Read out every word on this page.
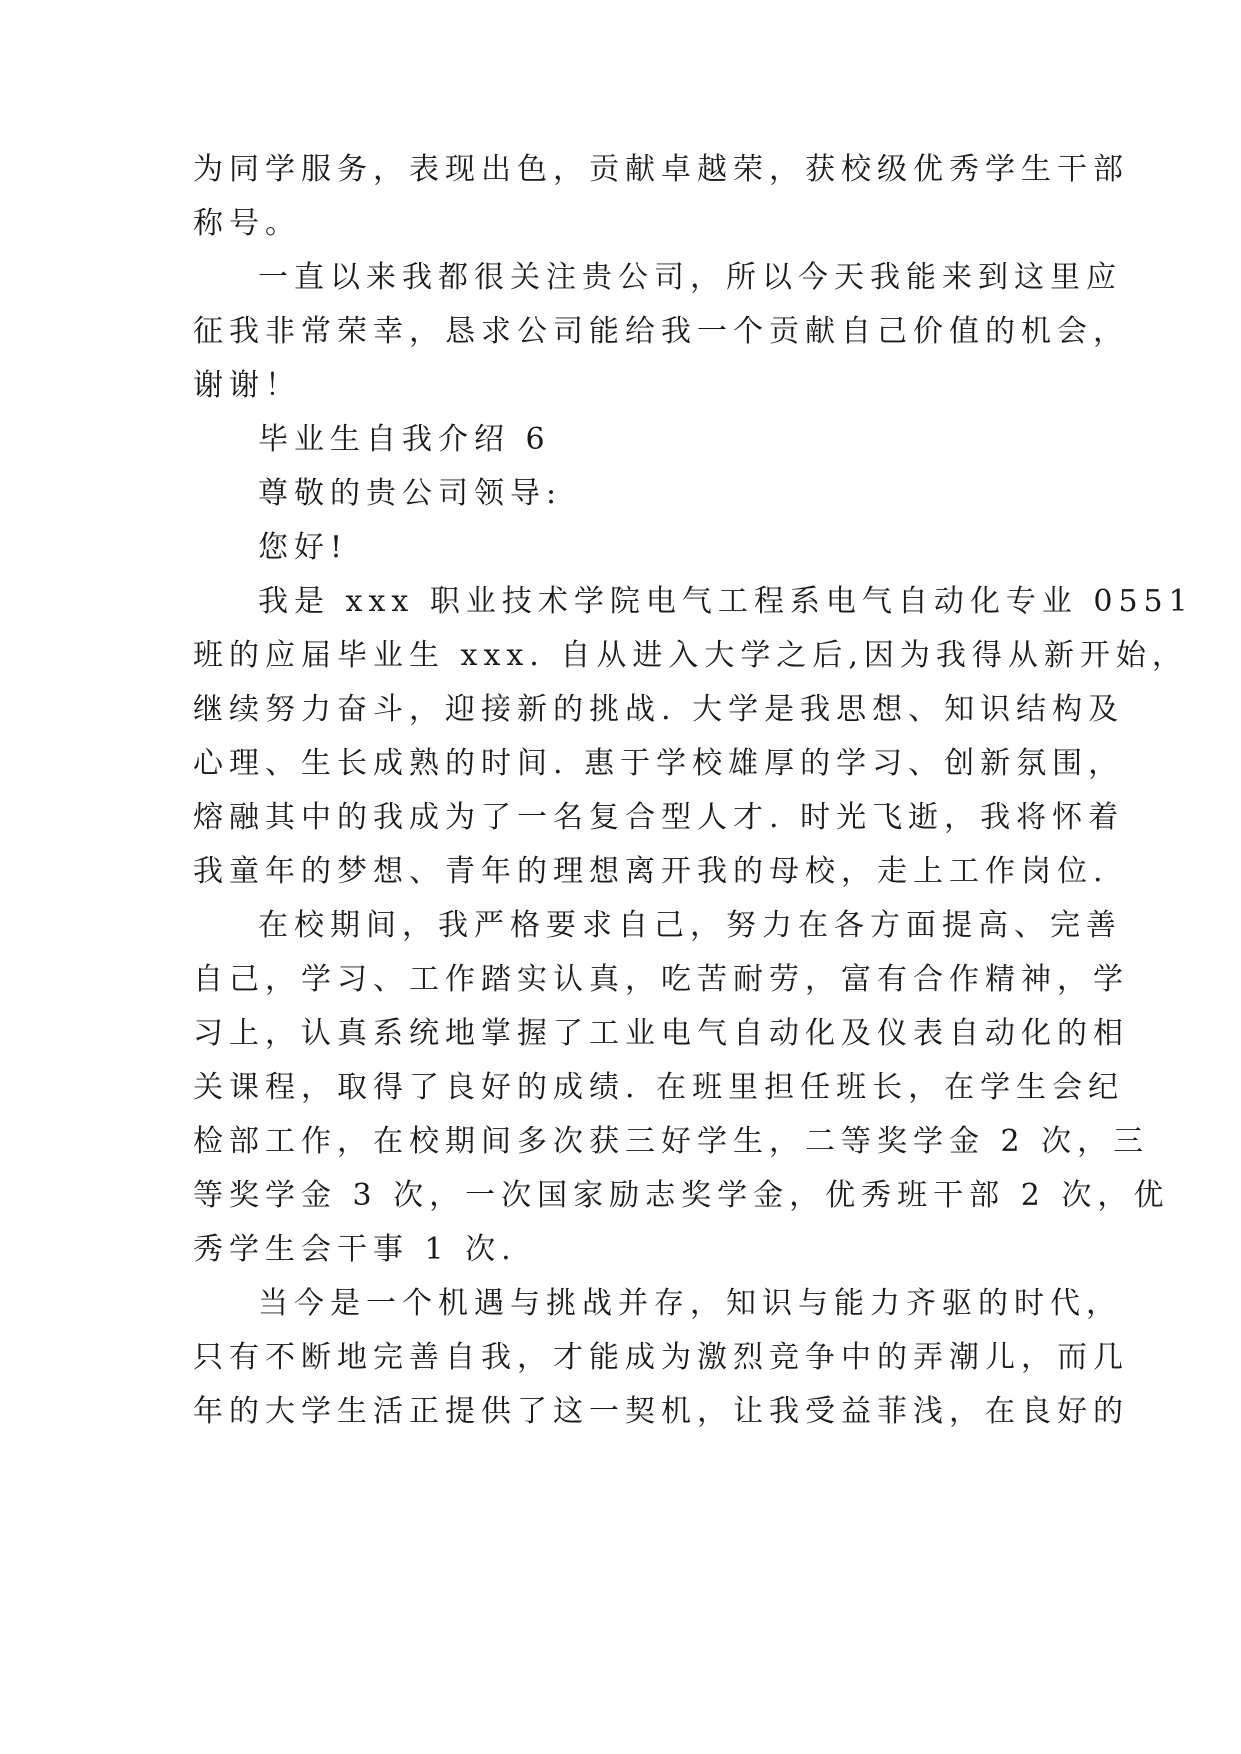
为同学服务，表现出色，贡献卓越荣，获校级优秀学生干部
称号。
一直以来我都很关注贵公司，所以今天我能来到这里应
征我非常荣幸，恳求公司能给我一个贡献自己价值的机会，
谢谢！
毕业生自我介绍 6
尊敬的贵公司领导:
您好!
我是 xxx 职业技术学院电气工程系电气自动化专业 0551
班的应届毕业生 xxx. 自从进入大学之后,因为我得从新开始，
继续努力奋斗，迎接新的挑战. 大学是我思想、知识结构及
心理、生长成熟的时间. 惠于学校雄厚的学习、创新氛围，
熔融其中的我成为了一名复合型人才. 时光飞逝，我将怀着
我童年的梦想、青年的理想离开我的母校，走上工作岗位.
在校期间，我严格要求自己，努力在各方面提高、完善
自己，学习、工作踏实认真，吃苦耐劳，富有合作精神，学
习上，认真系统地掌握了工业电气自动化及仪表自动化的相
关课程，取得了良好的成绩. 在班里担任班长，在学生会纪
检部工作，在校期间多次获三好学生，二等奖学金 2 次，三
等奖学金 3 次，一次国家励志奖学金，优秀班干部 2 次，优
秀学生会干事 1 次.
当今是一个机遇与挑战并存，知识与能力齐驱的时代，
只有不断地完善自我，才能成为激烈竞争中的弄潮儿，而几
年的大学生活正提供了这一契机，让我受益菲浅，在良好的
